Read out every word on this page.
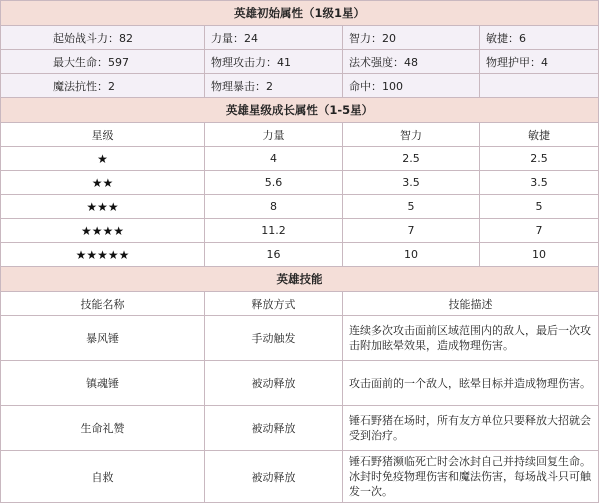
英雄初始属性（1级1星）			
起始战斗力：82	力量：24	智力：20	敏捷：6
最大生命：597	物理攻击力：41	法术强度：48	物理护甲：4
魔法抗性：2	物理暴击：2	命中：100	
英雄星级成长属性（1-5星）			
星级	力量	智力	敏捷
★	4	2.5	2.5
★★	5.6	3.5	3.5
★★★	8	5	5
★★★★	11.2	7	7
★★★★★	16	10	10
英雄技能			
技能名称	释放方式	技能描述	
暴风锤	手动触发	连续多次攻击面前区域范围内的敌人，最后一次攻击附加眩晕效果，造成物理伤害。	
镇魂锤	被动释放	攻击面前的一个敌人，眩晕目标并造成物理伤害。	
生命礼赞	被动释放	锤石野猪在场时，所有友方单位只要释放大招就会受到治疗。	
自救	被动释放	锤石野猪濒临死亡时会冰封自己并持续回复生命。冰封时免疫物理伤害和魔法伤害，每场战斗只可触发一次。	
